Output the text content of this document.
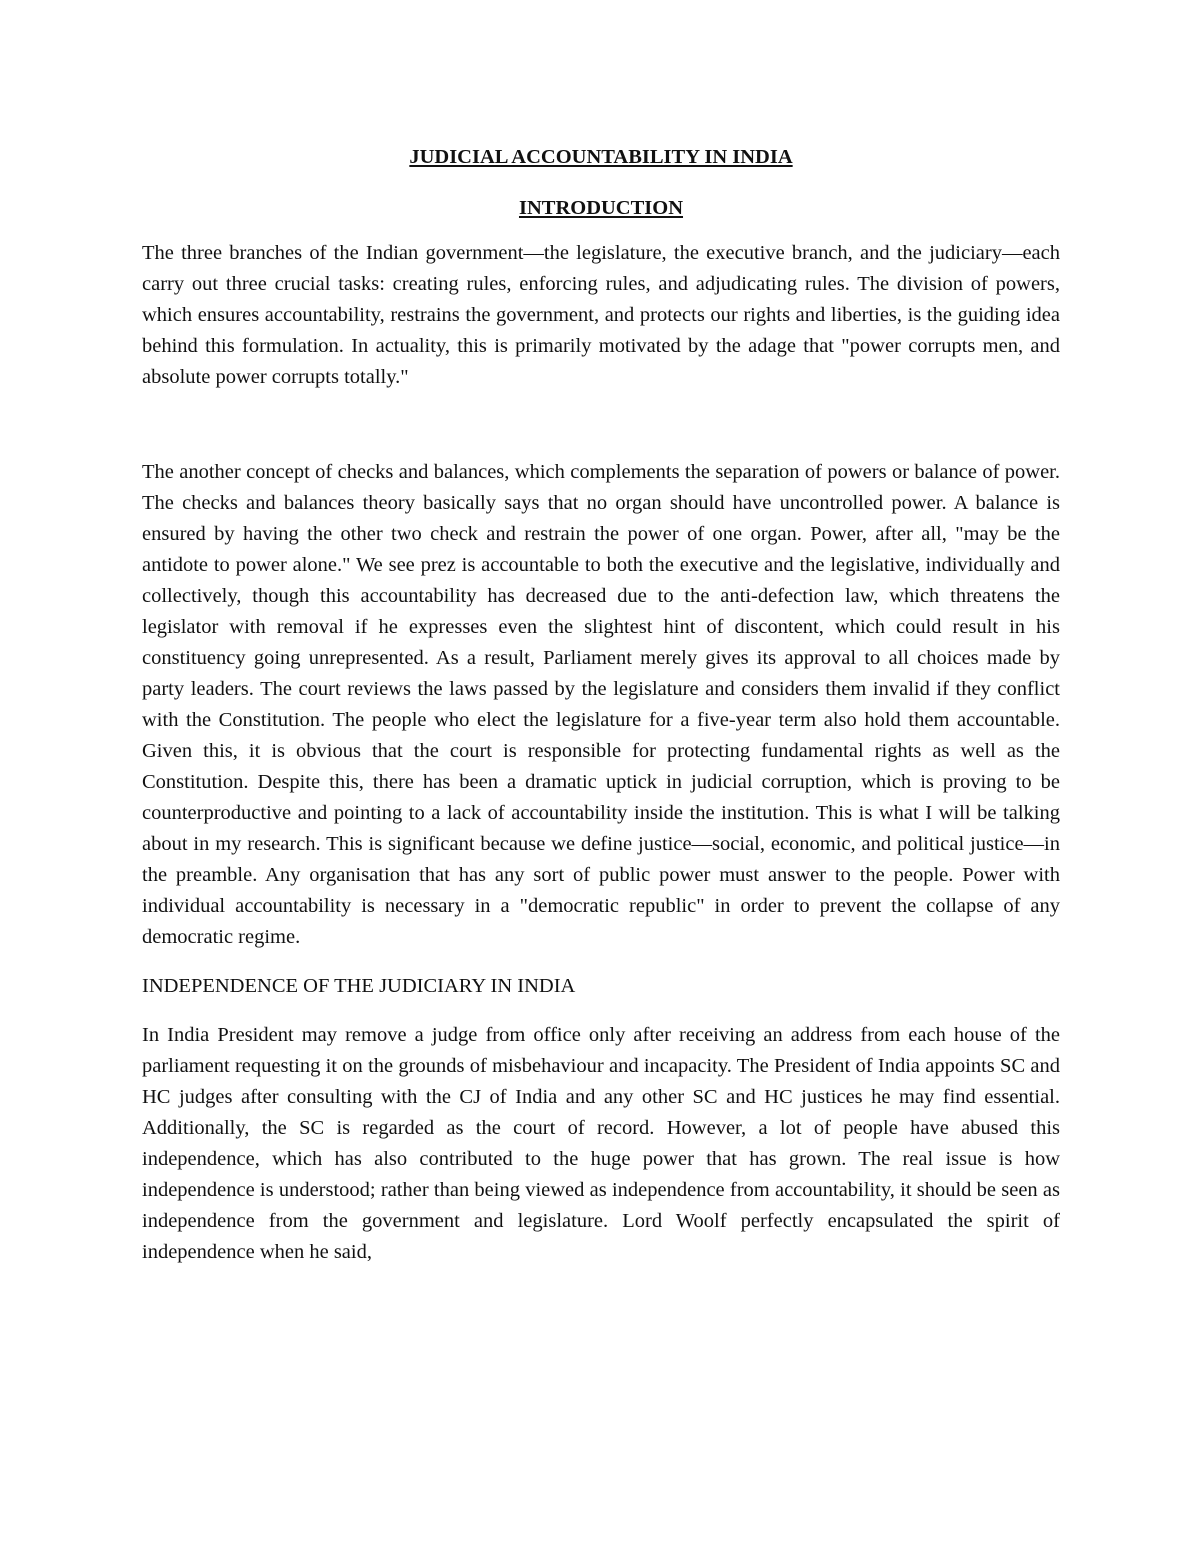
JUDICIAL ACCOUNTABILITY IN INDIA
INTRODUCTION

The three branches of the Indian government—the legislature, the executive branch, and the judiciary—each carry out three crucial tasks: creating rules, enforcing rules, and adjudicating rules. The division of powers, which ensures accountability, restrains the government, and protects our rights and liberties, is the guiding idea behind this formulation. In actuality, this is primarily motivated by the adage that "power corrupts men, and absolute power corrupts totally."

The another concept of checks and balances, which complements the separation of powers or balance of power. The checks and balances theory basically says that no organ should have uncontrolled power. A balance is ensured by having the other two check and restrain the power of one organ. Power, after all, "may be the antidote to power alone." We see prez is accountable to both the executive and the legislative, individually and collectively, though this accountability has decreased due to the anti-defection law, which threatens the legislator with removal if he expresses even the slightest hint of discontent, which could result in his constituency going unrepresented. As a result, Parliament merely gives its approval to all choices made by party leaders. The court reviews the laws passed by the legislature and considers them invalid if they conflict with the Constitution. The people who elect the legislature for a five-year term also hold them accountable. Given this, it is obvious that the court is responsible for protecting fundamental rights as well as the Constitution. Despite this, there has been a dramatic uptick in judicial corruption, which is proving to be counterproductive and pointing to a lack of accountability inside the institution. This is what I will be talking about in my research. This is significant because we define justice—social, economic, and political justice—in the preamble. Any organisation that has any sort of public power must answer to the people. Power with individual accountability is necessary in a "democratic republic" in order to prevent the collapse of any democratic regime.

INDEPENDENCE OF THE JUDICIARY IN INDIA

In India President may remove a judge from office only after receiving an address from each house of the parliament requesting it on the grounds of misbehaviour and incapacity. The President of India appoints SC and HC judges after consulting with the CJ of India and any other SC and HC justices he may find essential. Additionally, the SC is regarded as the court of record. However, a lot of people have abused this independence, which has also contributed to the huge power that has grown. The real issue is how independence is understood; rather than being viewed as independence from accountability, it should be seen as independence from the government and legislature. Lord Woolf perfectly encapsulated the spirit of independence when he said,
